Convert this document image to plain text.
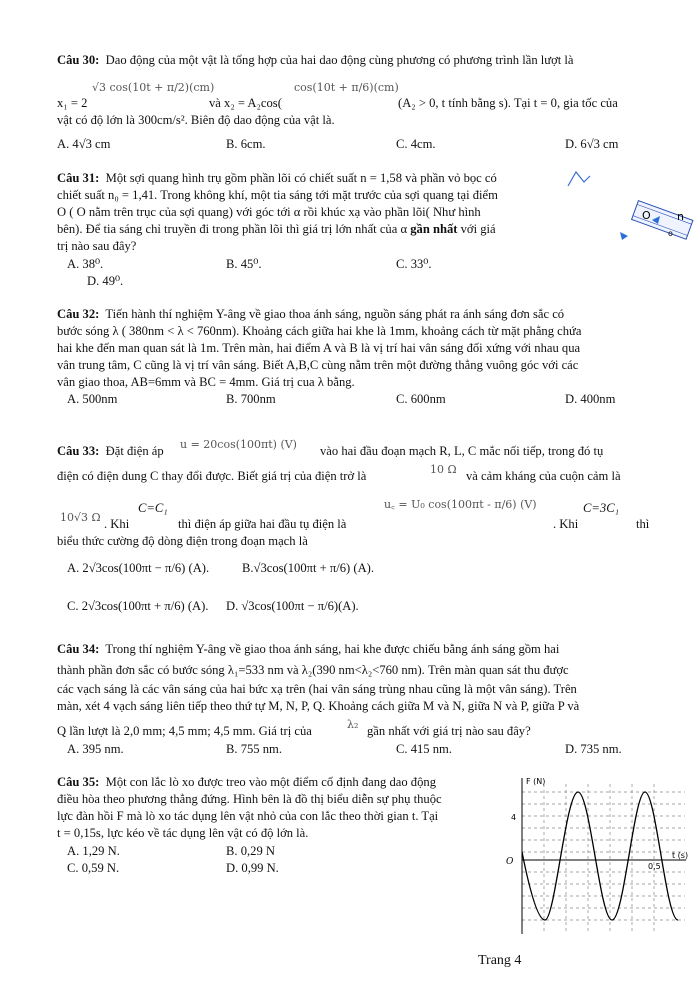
Câu 30: Dao động của một vật là tổng hợp của hai dao động cùng phương có phương trình lần lượt là
√3 cos(10t + π/2)(cm)	cos(10t + π/6)(cm)
x₁ = 2	và x₂ = A₂cos(	(A₂ > 0, t tính bằng s). Tại t = 0, gia tốc của
vật có độ lớn là 300cm/s². Biên độ dao động của vật là.
A. 4√3 cm	B. 6cm.	C. 4cm.	D. 6√3 cm
Câu 31: Một sợi quang hình trụ gồm phần lõi có chiết suất n = 1,58 và phần vỏ bọc có
chiết suất n₀ = 1,41. Trong không khí, một tia sáng tới mặt trước của sợi quang tại điểm
O ( O nằm trên trục của sợi quang) với góc tới α rồi khúc xạ vào phần lõi( Như hình
bên). Để tia sáng chỉ truyền đi trong phần lõi thì giá trị lớn nhất của α gần nhất với giá
trị nào sau đây?
A. 38⁰.	B. 45⁰.	C. 33⁰.
D. 49⁰.
O n
o
Câu 32: Tiến hành thí nghiệm Y-âng về giao thoa ánh sáng, nguồn sáng phát ra ánh sáng đơn sắc có
bước sóng λ ( 380nm < λ < 760nm). Khoảng cách giữa hai khe là 1mm, khoảng cách từ mặt phẳng chứa
hai khe đến man quan sát là 1m. Trên màn, hai điểm A và B là vị trí hai vân sáng đối xứng với nhau qua
vân trung tâm, C cũng là vị trí vân sáng. Biết A,B,C cùng nằm trên một đường thẳng vuông góc với các
vân giao thoa, AB=6mm và BC = 4mm. Giá trị cua λ bằng.
A. 500nm	B. 700nm	C. 600nm	D. 400nm
Câu 33: Đặt điện áp u = 20cos(100πt) (V) vào hai đầu đoạn mạch R, L, C mắc nối tiếp, trong đó tụ
điện có điện dung C thay đổi được. Biết giá trị của điện trở là	10 Ω và cảm kháng của cuộn cảm là
10√3 Ω . Khi
C=C₁
thì điện áp giữa hai đầu tụ điện là
u꜀ = U₀ cos(100πt - π/6) (V)
. Khi
C=3C₁
thì
biểu thức cường độ dòng điện trong đoạn mạch là
A. 2√3cos(100πt − π/6) (A).	B.√3cos(100πt + π/6) (A).
C. 2√3cos(100πt + π/6) (A). D. √3cos(100πt − π/6)(A).
Câu 34: Trong thí nghiệm Y-âng về giao thoa ánh sáng, hai khe được chiếu bằng ánh sáng gồm hai
thành phần đơn sắc có bước sóng λ₁=533 nm và λ₂(390 nm<λ₂<760 nm). Trên màn quan sát thu được
các vạch sáng là các vân sáng của hai bức xạ trên (hai vân sáng trùng nhau cũng là một vân sáng). Trên
màn, xét 4 vạch sáng liên tiếp theo thứ tự M, N, P, Q. Khoảng cách giữa M và N, giữa N và P, giữa P và
Q lần lượt là 2,0 mm; 4,5 mm; 4,5 mm. Giá trị của	λ₂ gần nhất với giá trị nào sau đây?
A. 395 nm.	B. 755 nm.	C. 415 nm.	D. 735 nm.
Câu 35: Một con lắc lò xo được treo vào một điểm cố định đang dao động
điều hòa theo phương thẳng đứng. Hình bên là đồ thị biểu diễn sự phụ thuộc
lực đàn hồi F mà lò xo tác dụng lên vật nhỏ của con lắc theo thời gian t. Tại
t = 0,15s, lực kéo về tác dụng lên vật có độ lớn là.
A. 1,29 N.	B. 0,29 N
C. 0,59 N.	D. 0,99 N.
F (N)
t (s)
4
0,5
O
Trang 4
